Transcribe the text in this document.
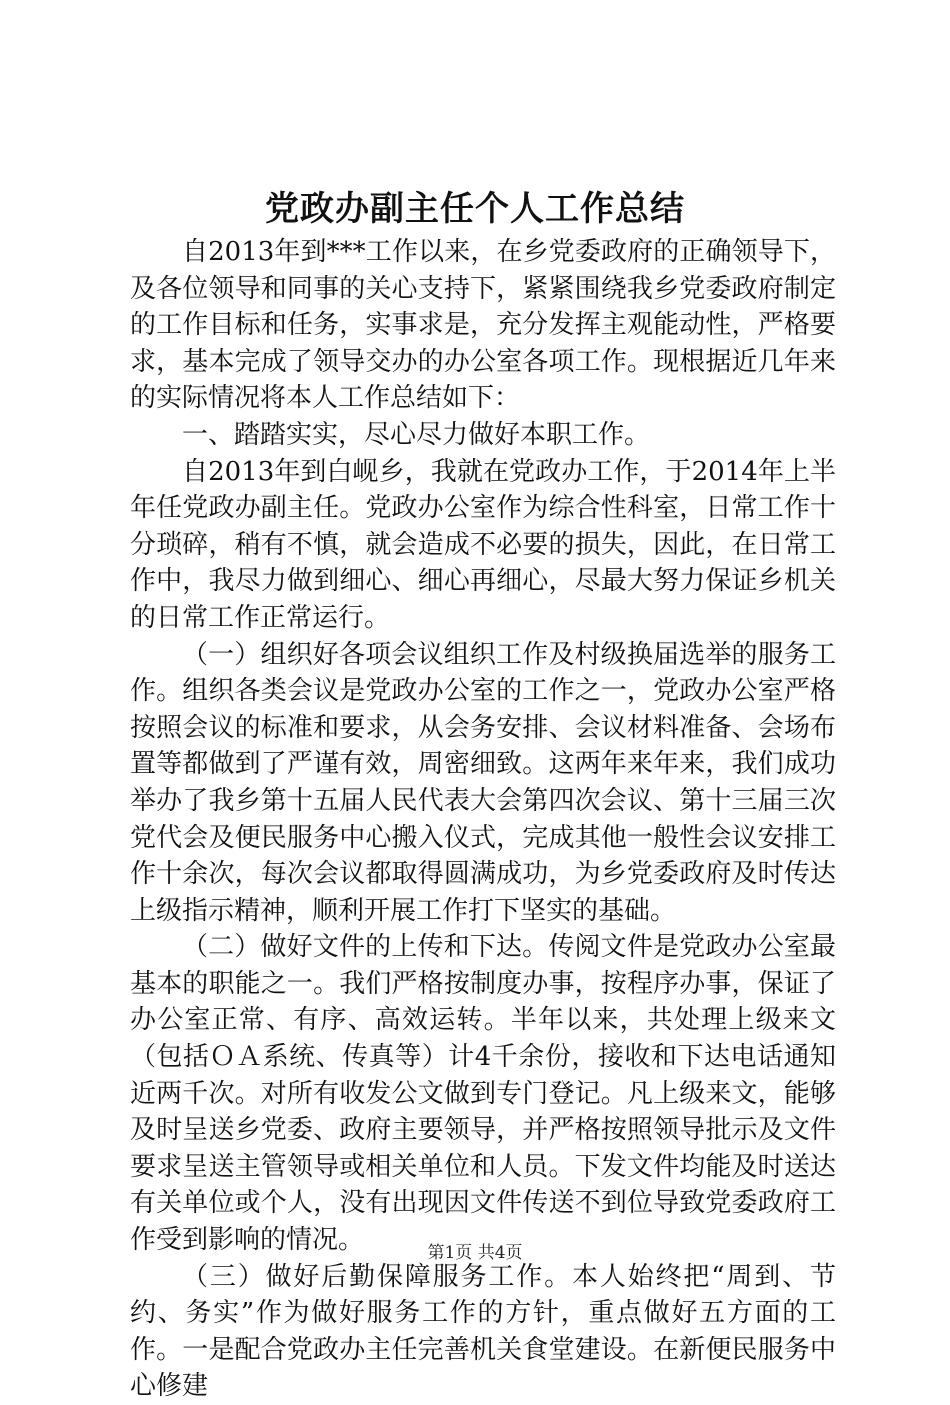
党政办副主任个人工作总结

自2013年到***工作以来，在乡党委政府的正确领导下，及各位领导和同事的关心支持下，紧紧围绕我乡党委政府制定的工作目标和任务，实事求是，充分发挥主观能动性，严格要求，基本完成了领导交办的办公室各项工作。现根据近几年来的实际情况将本人工作总结如下：

一、踏踏实实，尽心尽力做好本职工作。

自2013年到白岘乡，我就在党政办工作，于2014年上半年任党政办副主任。党政办公室作为综合性科室，日常工作十分琐碎，稍有不慎，就会造成不必要的损失，因此，在日常工作中，我尽力做到细心、细心再细心，尽最大努力保证乡机关的日常工作正常运行。

（一）组织好各项会议组织工作及村级换届选举的服务工作。组织各类会议是党政办公室的工作之一，党政办公室严格按照会议的标准和要求，从会务安排、会议材料准备、会场布置等都做到了严谨有效，周密细致。这两年来年来，我们成功举办了我乡第十五届人民代表大会第四次会议、第十三届三次党代会及便民服务中心搬入仪式，完成其他一般性会议安排工作十余次，每次会议都取得圆满成功，为乡党委政府及时传达上级指示精神，顺利开展工作打下坚实的基础。

（二）做好文件的上传和下达。传阅文件是党政办公室最基本的职能之一。我们严格按制度办事，按程序办事，保证了办公室正常、有序、高效运转。半年以来，共处理上级来文（包括ＯＡ系统、传真等）计4千余份，接收和下达电话通知近两千次。对所有收发公文做到专门登记。凡上级来文，能够及时呈送乡党委、政府主要领导，并严格按照领导批示及文件要求呈送主管领导或相关单位和人员。下发文件均能及时送达有关单位或个人，没有出现因文件传送不到位导致党委政府工作受到影响的情况。

（三）做好后勤保障服务工作。本人始终把“周到、节约、务实”作为做好服务工作的方针，重点做好五方面的工作。一是配合党政办主任完善机关食堂建设。在新便民服务中心修建

第1页 共4页
